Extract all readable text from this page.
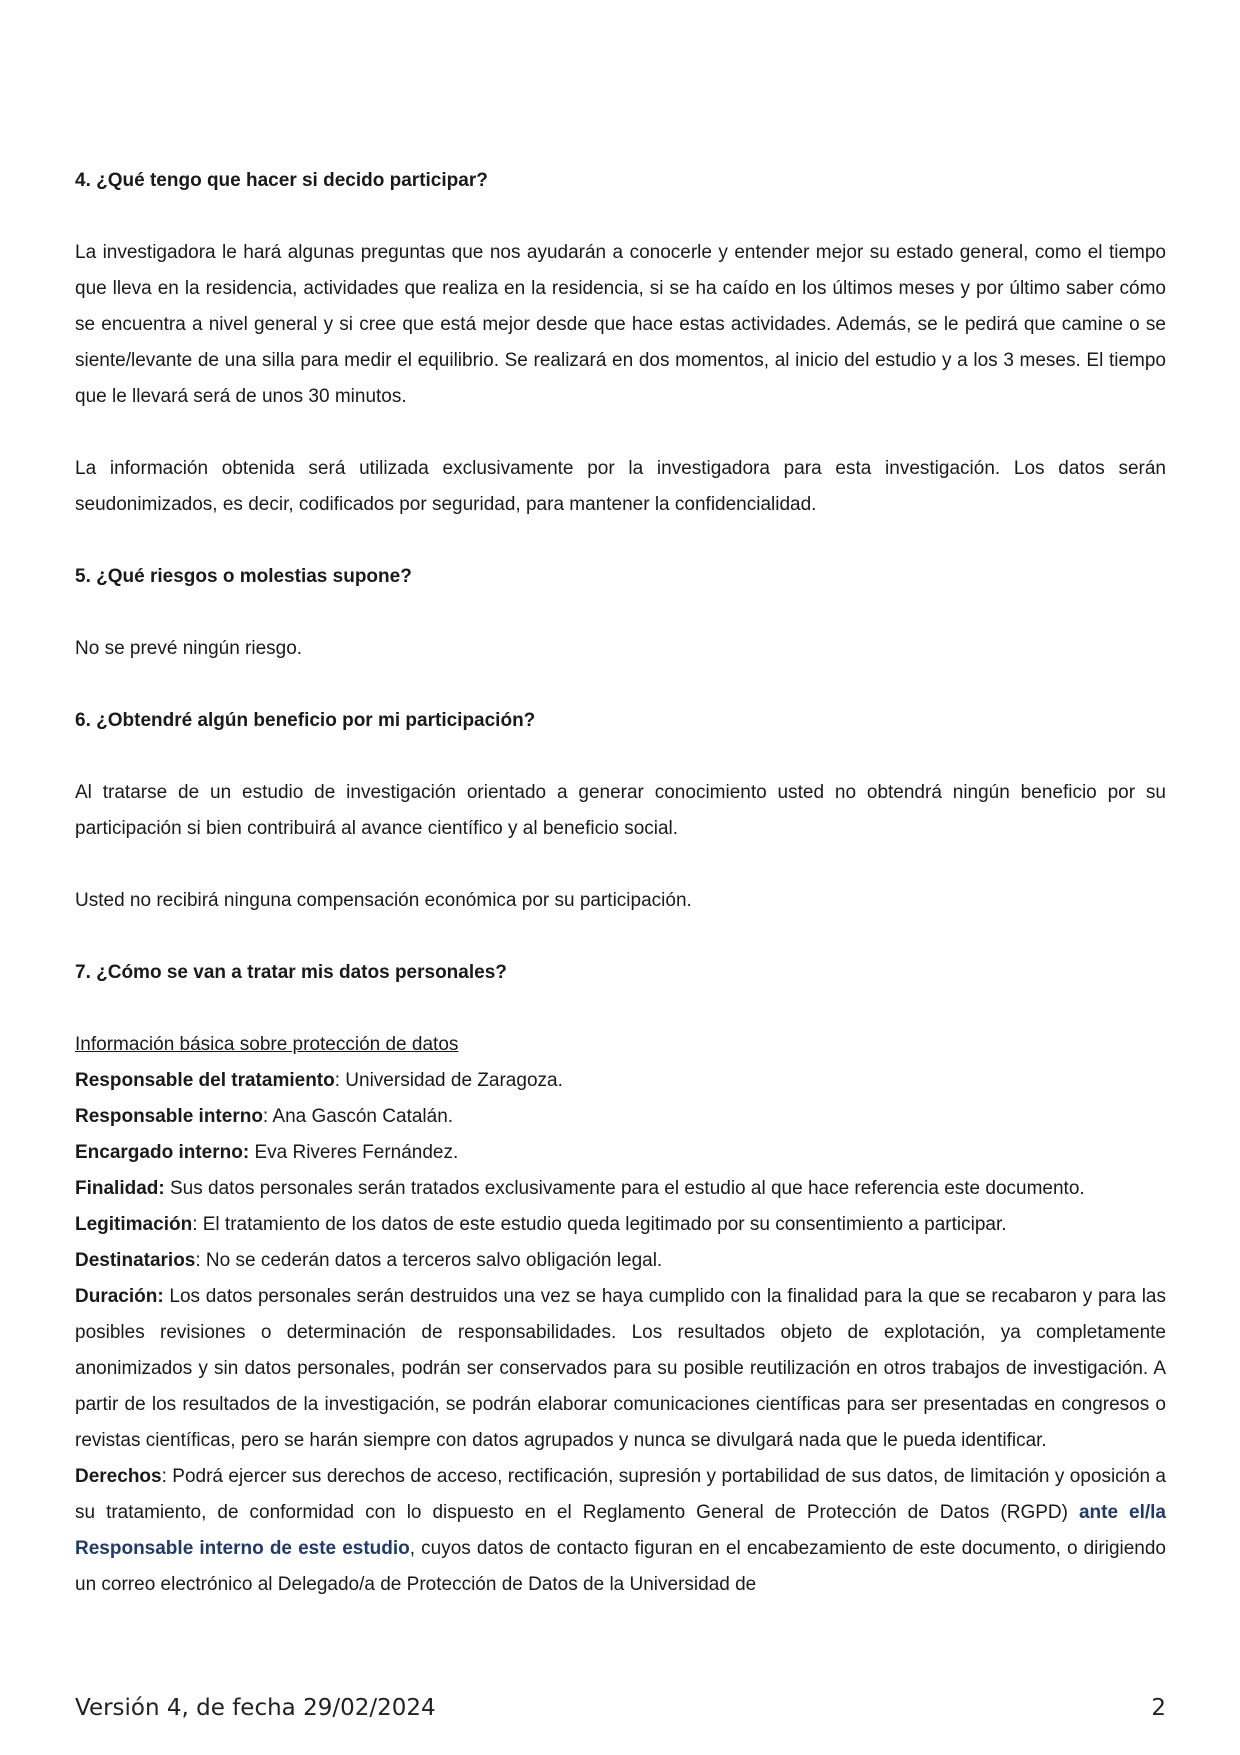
4. ¿Qué tengo que hacer si decido participar?
La investigadora le hará algunas preguntas que nos ayudarán a conocerle y entender mejor su estado general, como el tiempo que lleva en la residencia, actividades que realiza en la residencia, si se ha caído en los últimos meses y por último saber cómo se encuentra a nivel general y si cree que está mejor desde que hace estas actividades. Además, se le pedirá que camine o se siente/levante de una silla para medir el equilibrio. Se realizará en dos momentos, al inicio del estudio y a los 3 meses. El tiempo que le llevará será de unos 30 minutos.
La información obtenida será utilizada exclusivamente por la investigadora para esta investigación. Los datos serán seudonimizados, es decir, codificados por seguridad, para mantener la confidencialidad.
5. ¿Qué riesgos o molestias supone?
No se prevé ningún riesgo.
6. ¿Obtendré algún beneficio por mi participación?
Al tratarse de un estudio de investigación orientado a generar conocimiento usted no obtendrá ningún beneficio por su participación si bien contribuirá al avance científico y al beneficio social.
Usted no recibirá ninguna compensación económica por su participación.
7. ¿Cómo se van a tratar mis datos personales?
Información básica sobre protección de datos
Responsable del tratamiento: Universidad de Zaragoza.
Responsable interno: Ana Gascón Catalán.
Encargado interno: Eva Riveres Fernández.
Finalidad: Sus datos personales serán tratados exclusivamente para el estudio al que hace referencia este documento.
Legitimación: El tratamiento de los datos de este estudio queda legitimado por su consentimiento a participar.
Destinatarios: No se cederán datos a terceros salvo obligación legal.
Duración: Los datos personales serán destruidos una vez se haya cumplido con la finalidad para la que se recabaron y para las posibles revisiones o determinación de responsabilidades. Los resultados objeto de explotación, ya completamente anonimizados y sin datos personales, podrán ser conservados para su posible reutilización en otros trabajos de investigación. A partir de los resultados de la investigación, se podrán elaborar comunicaciones científicas para ser presentadas en congresos o revistas científicas, pero se harán siempre con datos agrupados y nunca se divulgará nada que le pueda identificar.
Derechos: Podrá ejercer sus derechos de acceso, rectificación, supresión y portabilidad de sus datos, de limitación y oposición a su tratamiento, de conformidad con lo dispuesto en el Reglamento General de Protección de Datos (RGPD) ante el/la Responsable interno de este estudio, cuyos datos de contacto figuran en el encabezamiento de este documento, o dirigiendo un correo electrónico al Delegado/a de Protección de Datos de la Universidad de
Versión 4, de fecha 29/02/2024	2
